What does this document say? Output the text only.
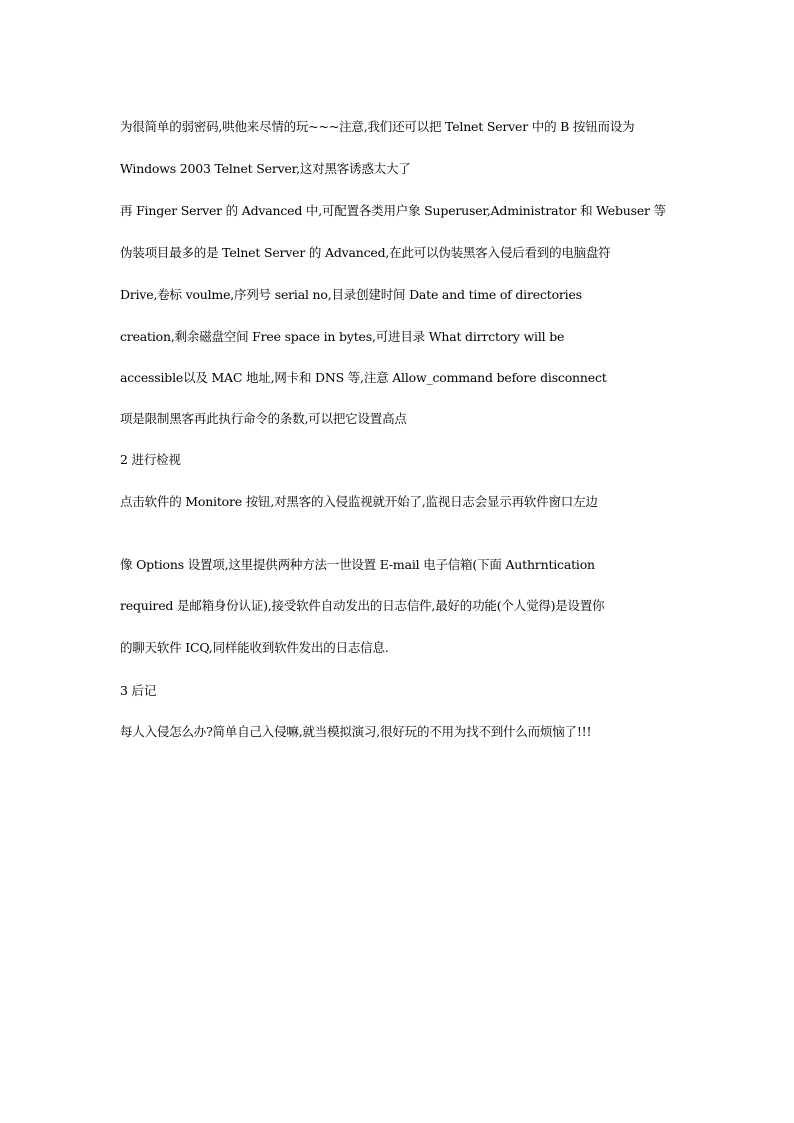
为很简单的弱密码,哄他来尽情的玩~~~注意,我们还可以把 Telnet Server 中的 B 按钮而设为
Windows 2003 Telnet Server,这对黑客诱惑太大了
再 Finger Server 的 Advanced 中,可配置各类用户象 Superuser,Administrator 和 Webuser 等
伪装项目最多的是 Telnet Server 的 Advanced,在此可以伪装黑客入侵后看到的电脑盘符
Drive,卷标 voulme,序列号 serial no,目录创建时间 Date and time of directories
creation,剩余磁盘空间 Free space in bytes,可进目录 What dirrctory will be
accessible以及 MAC 地址,网卡和 DNS 等,注意 Allow_command before disconnect
项是限制黑客再此执行命令的条数,可以把它设置高点
2 进行检视
点击软件的 Monitore 按钮,对黑客的入侵监视就开始了,监视日志会显示再软件窗口左边
像 Options 设置项,这里提供两种方法一世设置 E-mail 电子信箱(下面 Authrntication
required 是邮箱身份认证),接受软件自动发出的日志信件,最好的功能(个人觉得)是设置你
的聊天软件 ICQ,同样能收到软件发出的日志信息.
3 后记
每人入侵怎么办?简单自己入侵嘛,就当模拟演习,很好玩的不用为找不到什么而烦恼了!!!
